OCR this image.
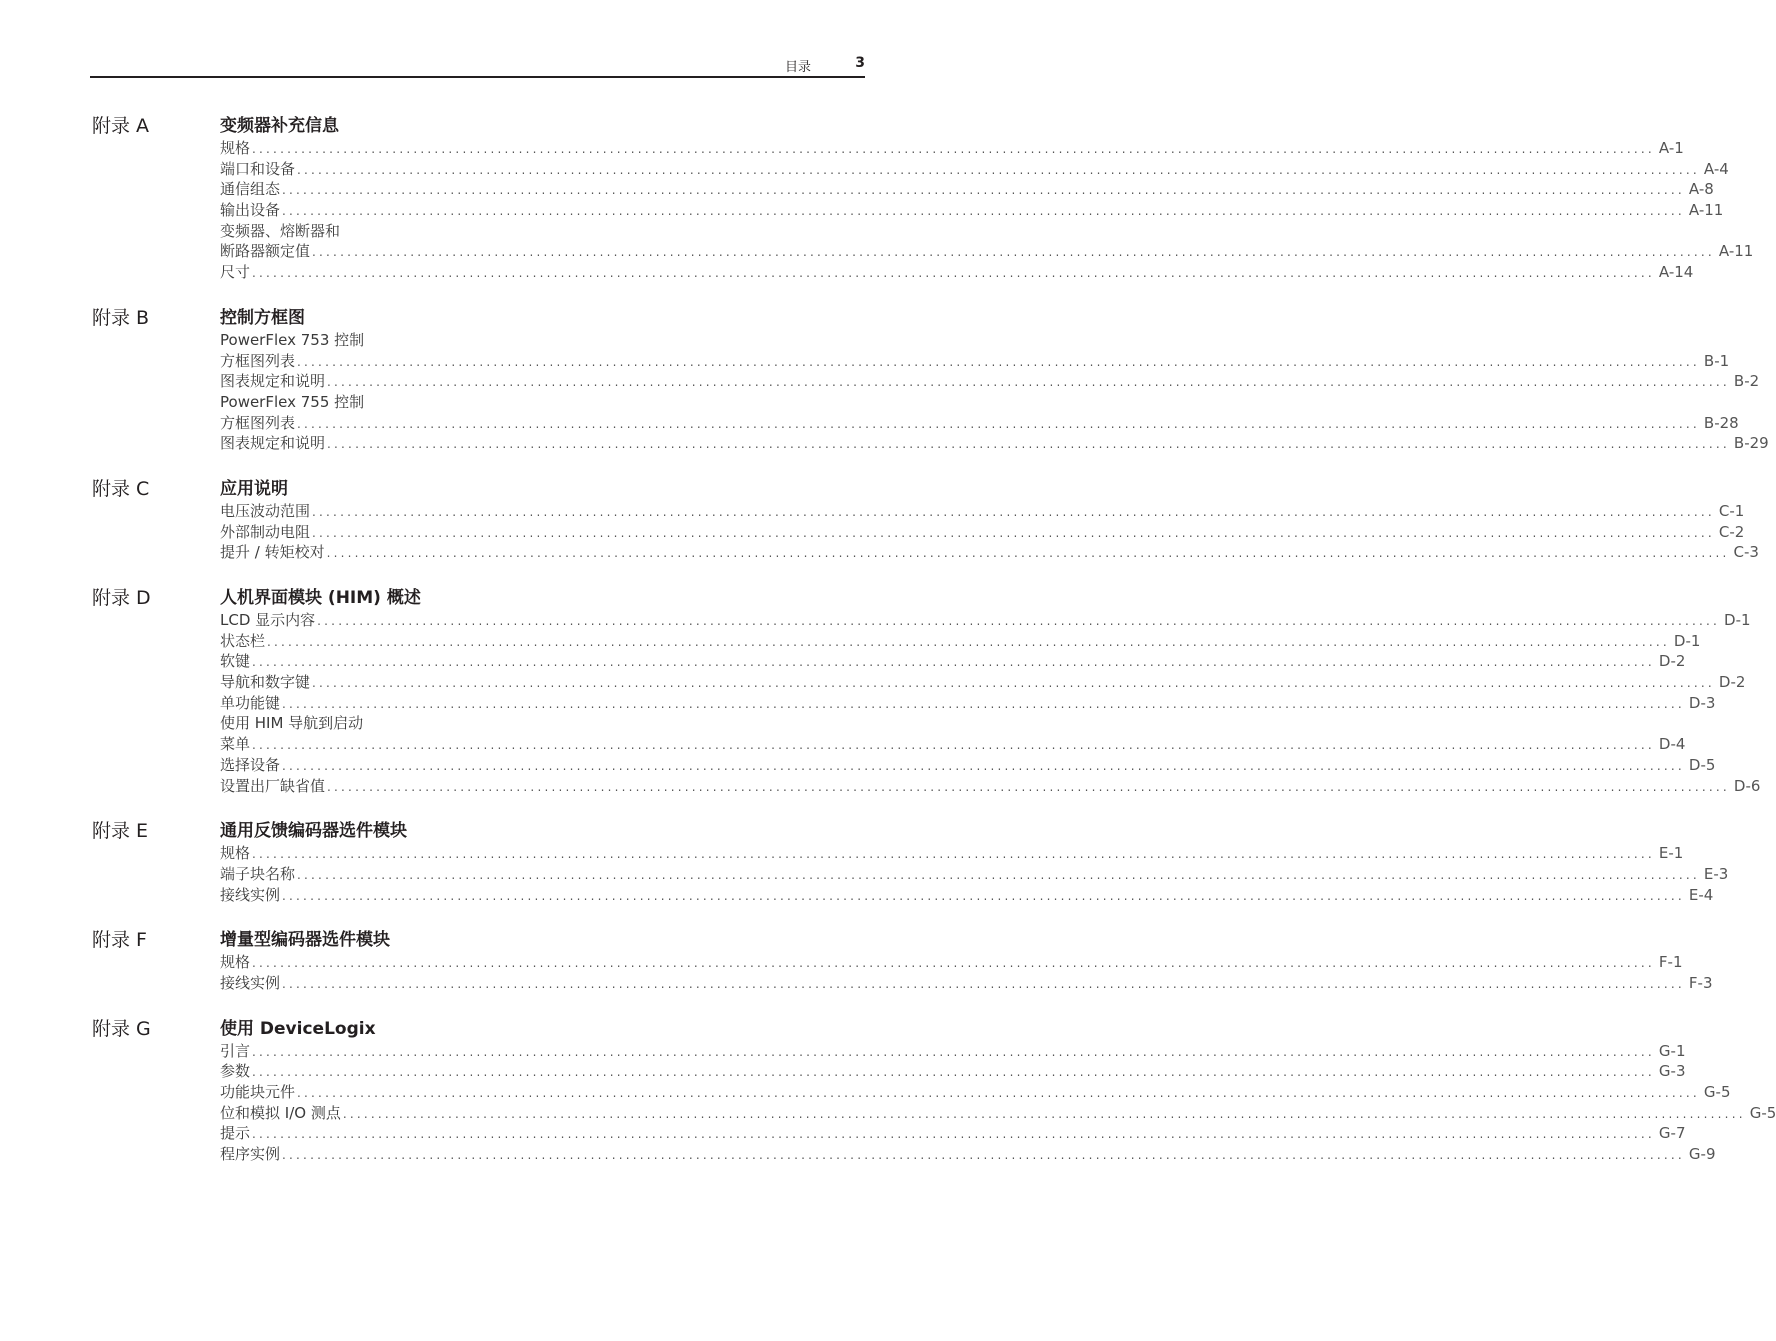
目录	3
附录 A	变频器补充信息
规格 ........................................................................................................................................................................................................ A-1
端口和设备 ........................................................................................................................................................................................................ A-4
通信组态 ........................................................................................................................................................................................................ A-8
输出设备 ........................................................................................................................................................................................................ A-11
变频器、熔断器和
断路器额定值 ........................................................................................................................................................................................................ A-11
尺寸 ........................................................................................................................................................................................................ A-14
附录 B	控制方框图
PowerFlex 753 控制
方框图列表 ........................................................................................................................................................................................................ B-1
图表规定和说明 ........................................................................................................................................................................................................ B-2
PowerFlex 755 控制
方框图列表 ........................................................................................................................................................................................................ B-28
图表规定和说明 ........................................................................................................................................................................................................ B-29
附录 C	应用说明
电压波动范围 ........................................................................................................................................................................................................ C-1
外部制动电阻 ........................................................................................................................................................................................................ C-2
提升 / 转矩校对 ........................................................................................................................................................................................................ C-3
附录 D	人机界面模块 (HIM) 概述
LCD 显示内容 ........................................................................................................................................................................................................ D-1
状态栏 ........................................................................................................................................................................................................ D-1
软键 ........................................................................................................................................................................................................ D-2
导航和数字键 ........................................................................................................................................................................................................ D-2
单功能键 ........................................................................................................................................................................................................ D-3
使用 HIM 导航到启动
菜单 ........................................................................................................................................................................................................ D-4
选择设备 ........................................................................................................................................................................................................ D-5
设置出厂缺省值 ........................................................................................................................................................................................................ D-6
附录 E	通用反馈编码器选件模块
规格 ........................................................................................................................................................................................................ E-1
端子块名称 ........................................................................................................................................................................................................ E-3
接线实例 ........................................................................................................................................................................................................ E-4
附录 F	增量型编码器选件模块
规格 ........................................................................................................................................................................................................ F-1
接线实例 ........................................................................................................................................................................................................ F-3
附录 G	使用 DeviceLogix
引言 ........................................................................................................................................................................................................ G-1
参数 ........................................................................................................................................................................................................ G-3
功能块元件 ........................................................................................................................................................................................................ G-5
位和模拟 I/O 测点 ........................................................................................................................................................................................................ G-5
提示 ........................................................................................................................................................................................................ G-7
程序实例 ........................................................................................................................................................................................................ G-9
